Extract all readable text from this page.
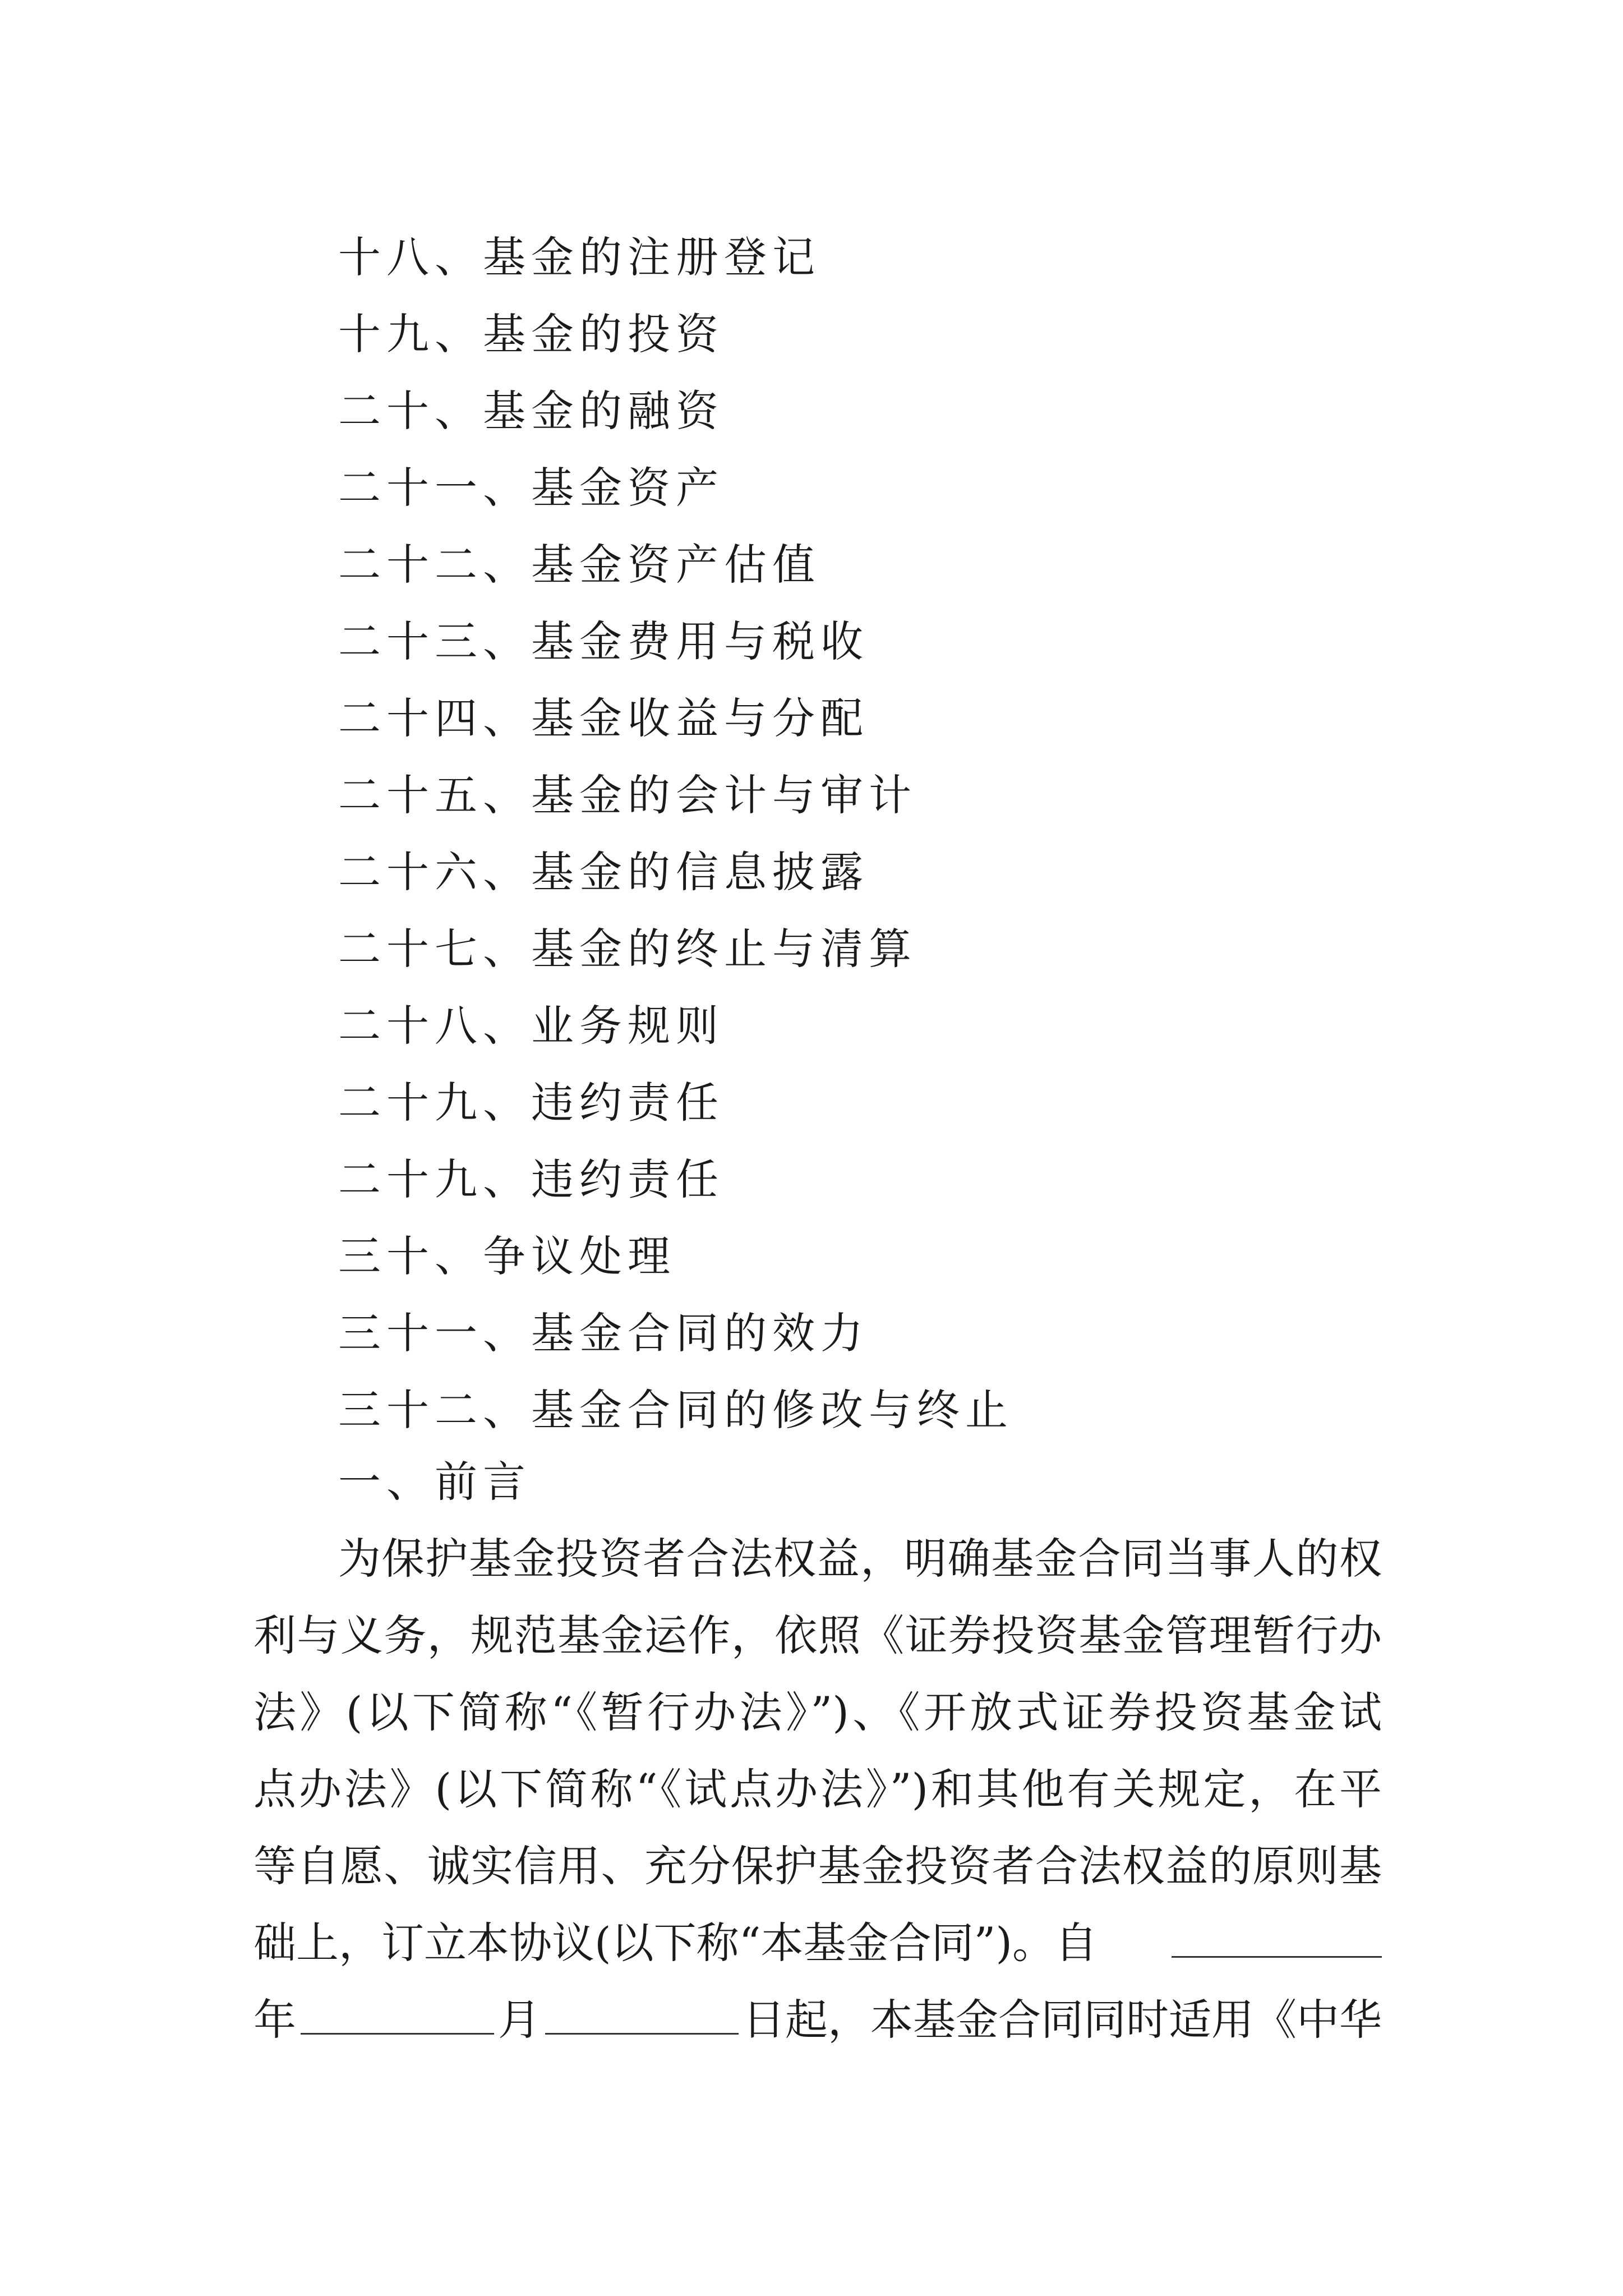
十八、基金的注册登记
十九、基金的投资
二十、基金的融资
二十一、基金资产
二十二、基金资产估值
二十三、基金费用与税收
二十四、基金收益与分配
二十五、基金的会计与审计
二十六、基金的信息披露
二十七、基金的终止与清算
二十八、业务规则
二十九、违约责任
二十九、违约责任
三十、争议处理
三十一、基金合同的效力
三十二、基金合同的修改与终止
一、前言
为保护基金投资者合法权益，明确基金合同当事人的权
利与义务，规范基金运作，依照《证券投资基金管理暂行办
法》(以下简称“《暂行办法》”)、《开放式证券投资基金试
点办法》(以下简称“《试点办法》”)和其他有关规定，在平
等自愿、诚实信用、充分保护基金投资者合法权益的原则基
础上，订立本协议(以下称“本基金合同”)。自
年	月	日起，本基金合同同时适用《中华
